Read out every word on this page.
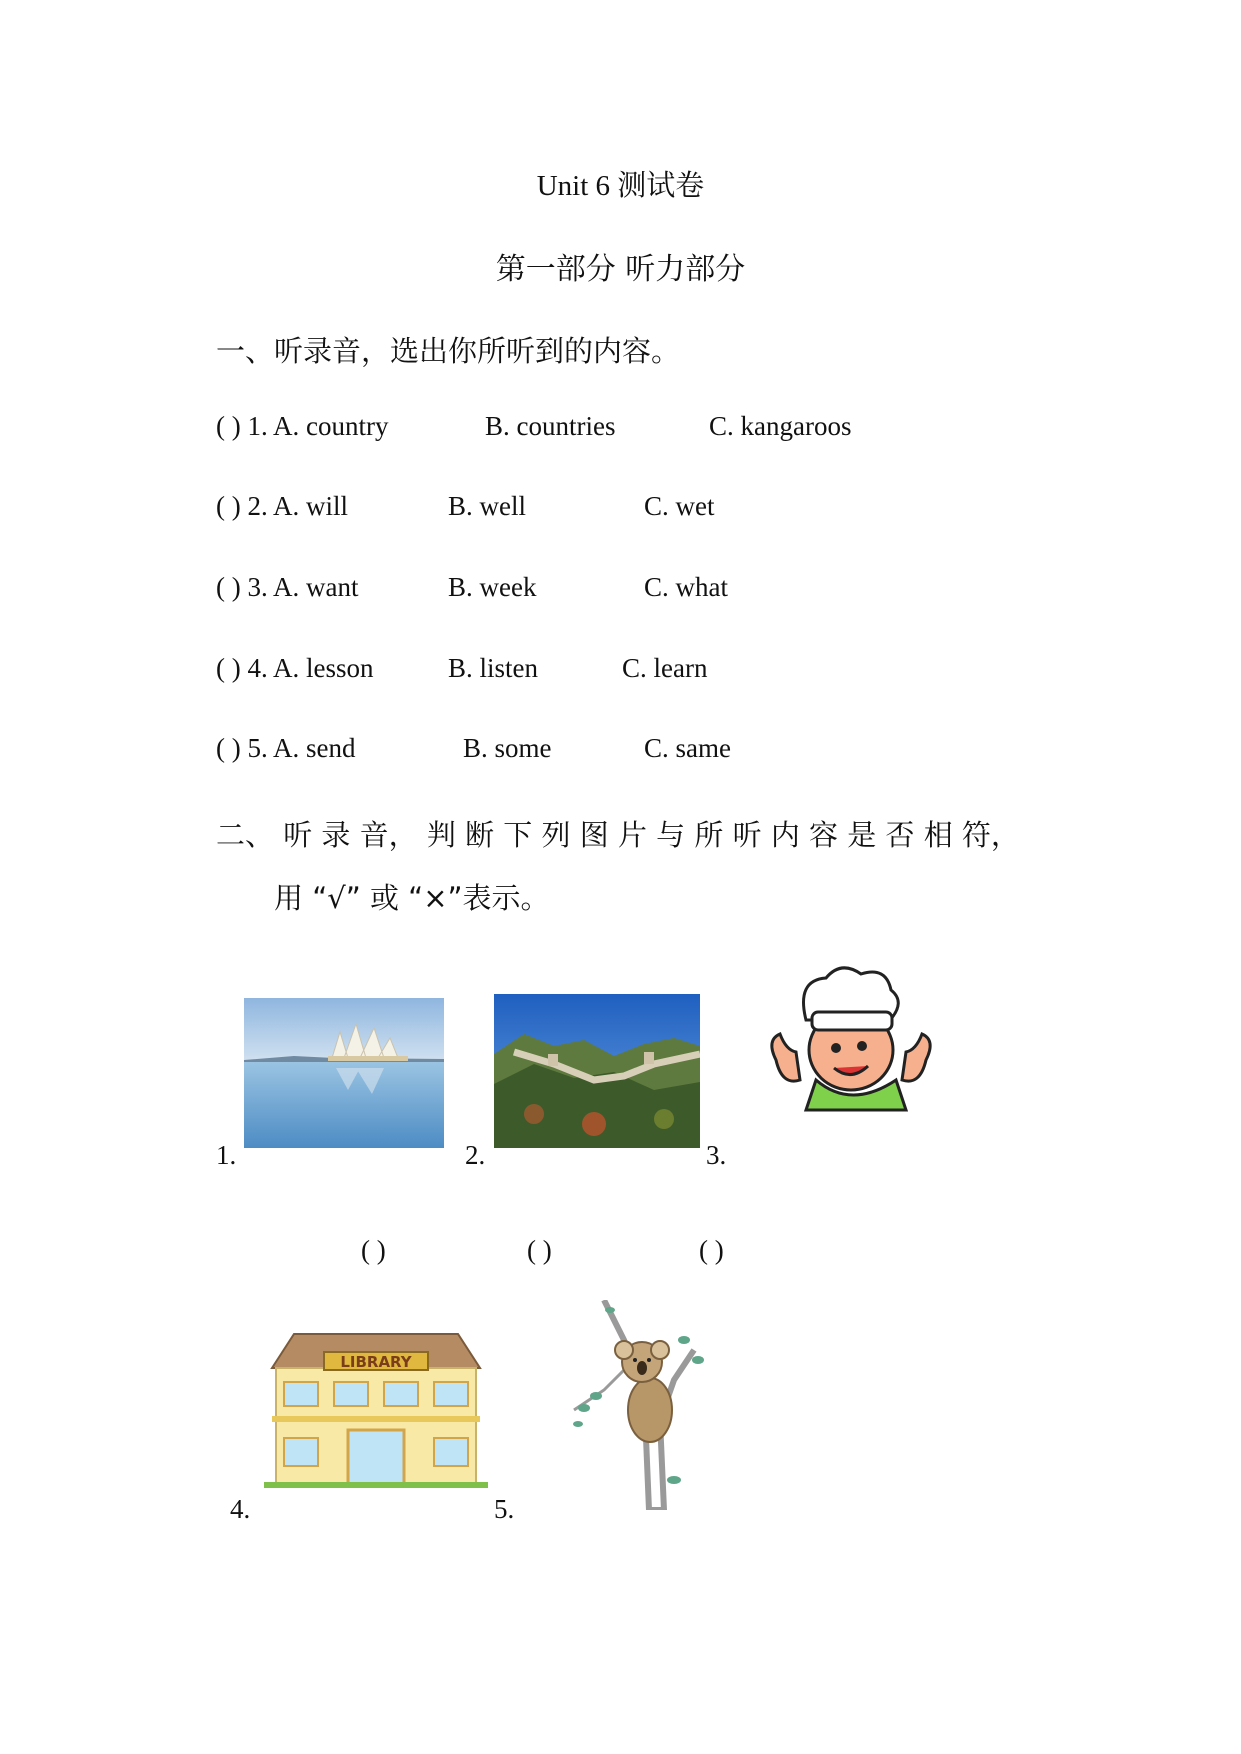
Unit 6 测试卷
第一部分 听力部分
一、听录音，选出你所听到的内容。
( ) 1. A. country	B. countries	C. kangaroos
( ) 2. A. will	B. well	C. wet
( ) 3. A. want	B. week	C. what
( ) 4. A. lesson	B. listen	C. learn
( ) 5. A. send	B. some	C. same
二、 听 录 音， 判 断 下 列 图 片 与 所 听 内 容 是 否 相 符，
用 “√” 或 “×”表示。
1.	2.	3.
( )	( )	( )
LIBRARY
4.	5.
